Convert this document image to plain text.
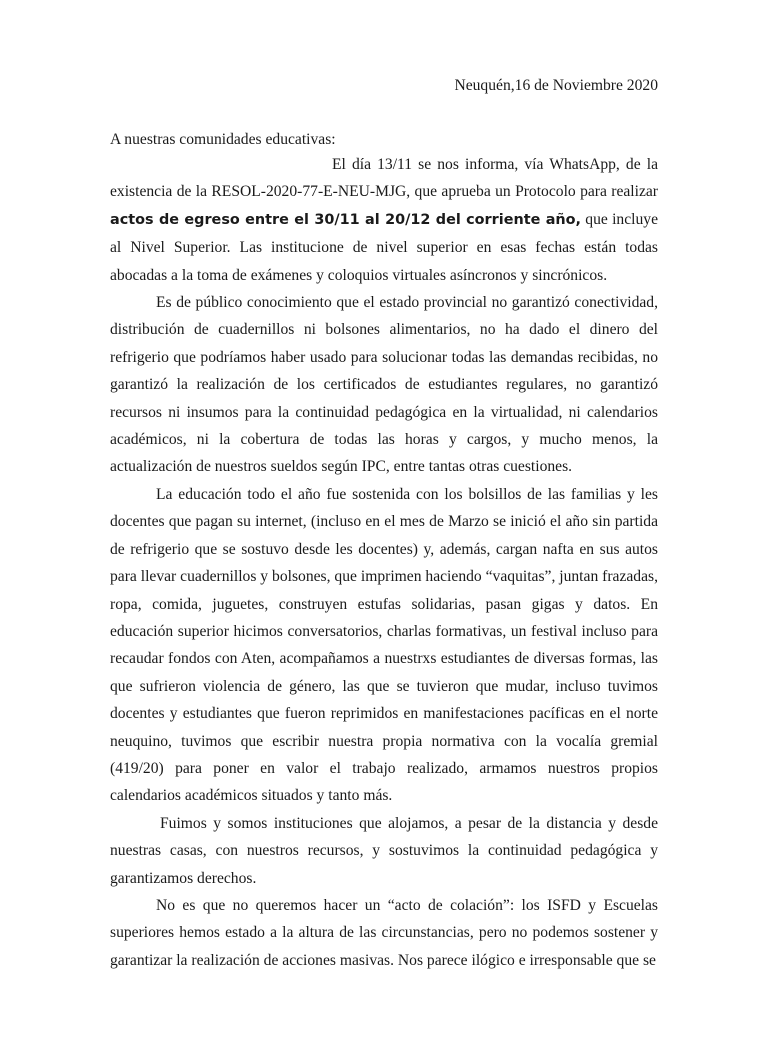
Neuquén,16 de Noviembre 2020
A nuestras comunidades educativas:

El día 13/11 se nos informa, vía WhatsApp, de la existencia de la RESOL-2020-77-E-NEU-MJG, que aprueba un Protocolo para realizar actos de egreso entre el 30/11 al 20/12 del corriente año, que incluye al Nivel Superior. Las institucione de nivel superior en esas fechas están todas abocadas a la toma de exámenes y coloquios virtuales asíncronos y sincrónicos.

Es de público conocimiento que el estado provincial no garantizó conectividad, distribución de cuadernillos ni bolsones alimentarios, no ha dado el dinero del refrigerio que podríamos haber usado para solucionar todas las demandas recibidas, no garantizó la realización de los certificados de estudiantes regulares, no garantizó recursos ni insumos para la continuidad pedagógica en la virtualidad, ni calendarios académicos, ni la cobertura de todas las horas y cargos, y mucho menos, la actualización de nuestros sueldos según IPC, entre tantas otras cuestiones.

La educación todo el año fue sostenida con los bolsillos de las familias y les docentes que pagan su internet, (incluso en el mes de Marzo se inició el año sin partida de refrigerio que se sostuvo desde les docentes) y, además, cargan nafta en sus autos para llevar cuadernillos y bolsones, que imprimen haciendo “vaquitas”, juntan frazadas, ropa, comida, juguetes, construyen estufas solidarias, pasan gigas y datos. En educación superior hicimos conversatorios, charlas formativas, un festival incluso para recaudar fondos con Aten, acompañamos a nuestrxs estudiantes de diversas formas, las que sufrieron violencia de género, las que se tuvieron que mudar, incluso tuvimos docentes y estudiantes que fueron reprimidos en manifestaciones pacíficas en el norte neuquino, tuvimos que escribir nuestra propia normativa con la vocalía gremial (419/20) para poner en valor el trabajo realizado, armamos nuestros propios calendarios académicos situados y tanto más.

Fuimos y somos instituciones que alojamos, a pesar de la distancia y desde nuestras casas, con nuestros recursos, y sostuvimos la continuidad pedagógica y garantizamos derechos.

No es que no queremos hacer un “acto de colación”: los ISFD y Escuelas superiores hemos estado a la altura de las circunstancias, pero no podemos sostener y garantizar la realización de acciones masivas. Nos parece ilógico e irresponsable que se
